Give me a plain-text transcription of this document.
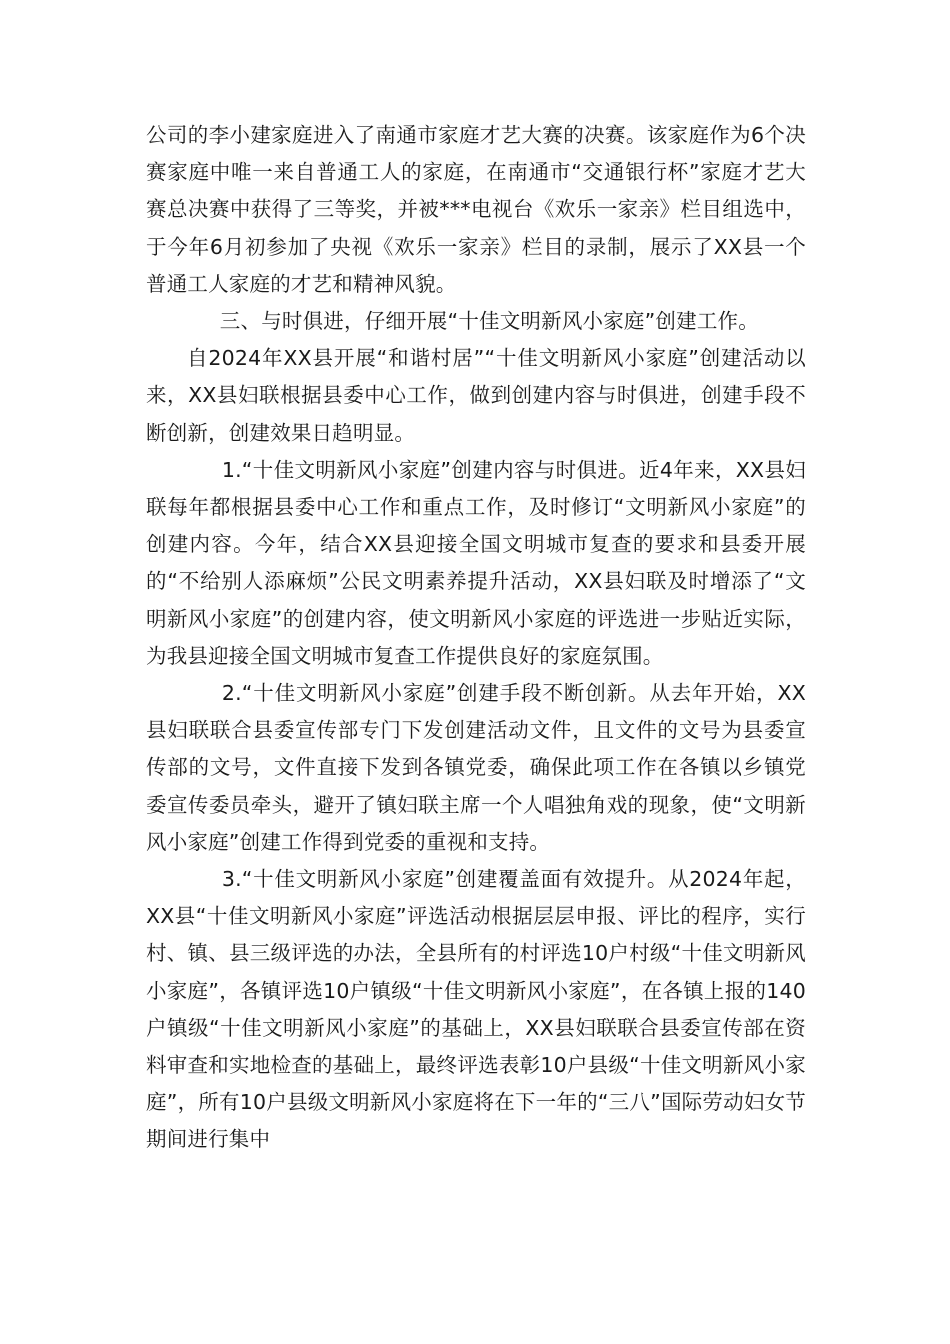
公司的李小建家庭进入了南通市家庭才艺大赛的决赛。该家庭作为6个决赛家庭中唯一来自普通工人的家庭，在南通市“交通银行杯”家庭才艺大赛总决赛中获得了三等奖，并被***电视台《欢乐一家亲》栏目组选中，于今年6月初参加了央视《欢乐一家亲》栏目的录制，展示了XX县一个普通工人家庭的才艺和精神风貌。

三、与时俱进，仔细开展“十佳文明新风小家庭”创建工作。

自2024年XX县开展“和谐村居”“十佳文明新风小家庭”创建活动以来，XX县妇联根据县委中心工作，做到创建内容与时俱进，创建手段不断创新，创建效果日趋明显。

1.“十佳文明新风小家庭”创建内容与时俱进。近4年来，XX县妇联每年都根据县委中心工作和重点工作，及时修订“文明新风小家庭”的创建内容。今年，结合XX县迎接全国文明城市复查的要求和县委开展的“不给别人添麻烦”公民文明素养提升活动，XX县妇联及时增添了“文明新风小家庭”的创建内容，使文明新风小家庭的评选进一步贴近实际，为我县迎接全国文明城市复查工作提供良好的家庭氛围。

2.“十佳文明新风小家庭”创建手段不断创新。从去年开始，XX县妇联联合县委宣传部专门下发创建活动文件，且文件的文号为县委宣传部的文号，文件直接下发到各镇党委，确保此项工作在各镇以乡镇党委宣传委员牵头，避开了镇妇联主席一个人唱独角戏的现象，使“文明新风小家庭”创建工作得到党委的重视和支持。

3.“十佳文明新风小家庭”创建覆盖面有效提升。从2024年起，XX县“十佳文明新风小家庭”评选活动根据层层申报、评比的程序，实行村、镇、县三级评选的办法，全县所有的村评选10户村级“十佳文明新风小家庭”，各镇评选10户镇级“十佳文明新风小家庭”，在各镇上报的140户镇级“十佳文明新风小家庭”的基础上，XX县妇联联合县委宣传部在资料审查和实地检查的基础上，最终评选表彰10户县级“十佳文明新风小家庭”，所有10户县级文明新风小家庭将在下一年的“三八”国际劳动妇女节期间进行集中
